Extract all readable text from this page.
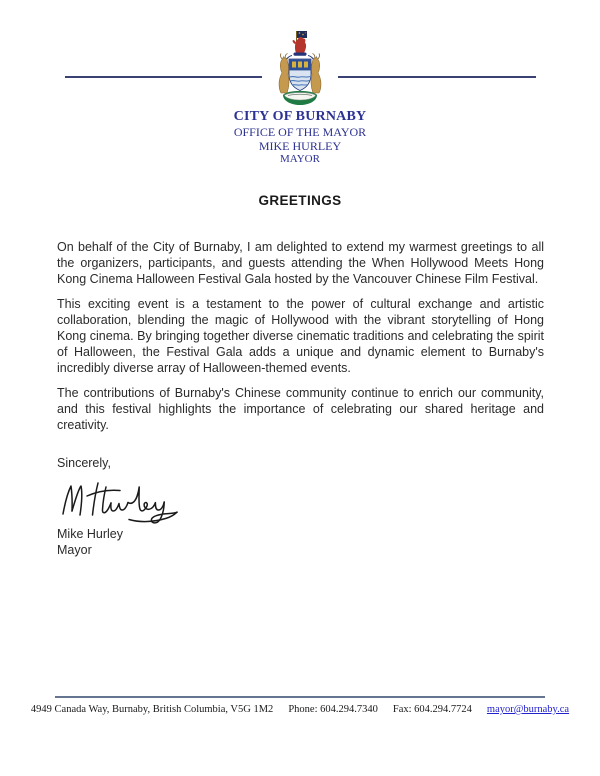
CITY OF BURNABY
OFFICE OF THE MAYOR
MIKE HURLEY
MAYOR
GREETINGS

On behalf of the City of Burnaby, I am delighted to extend my warmest greetings to all the organizers, participants, and guests attending the When Hollywood Meets Hong Kong Cinema Halloween Festival Gala hosted by the Vancouver Chinese Film Festival.

This exciting event is a testament to the power of cultural exchange and artistic collaboration, blending the magic of Hollywood with the vibrant storytelling of Hong Kong cinema. By bringing together diverse cinematic traditions and celebrating the spirit of Halloween, the Festival Gala adds a unique and dynamic element to Burnaby's incredibly diverse array of Halloween-themed events.

The contributions of Burnaby's Chinese community continue to enrich our community, and this festival highlights the importance of celebrating our shared heritage and creativity.

Sincerely,
Mike Hurley
Mayor
4949 Canada Way, Burnaby, British Columbia, V5G 1M2 Phone: 604.294.7340 Fax: 604.294.7724 mayor@burnaby.ca
